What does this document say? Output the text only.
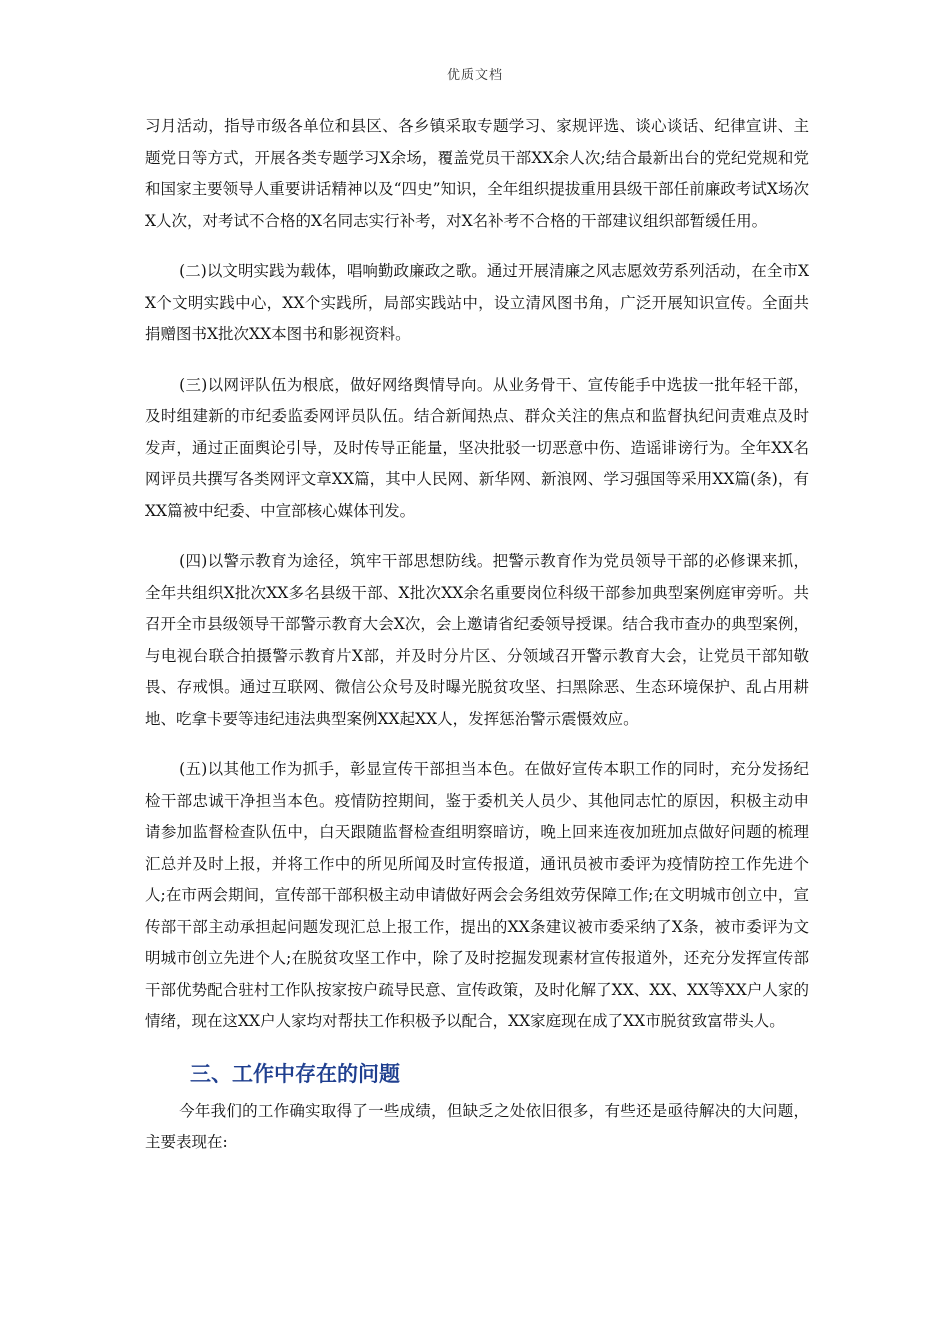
优质文档

习月活动，指导市级各单位和县区、各乡镇采取专题学习、家规评选、谈心谈话、纪律宣讲、主题党日等方式，开展各类专题学习X余场，覆盖党员干部XX余人次;结合最新出台的党纪党规和党和国家主要领导人重要讲话精神以及“四史”知识，全年组织提拔重用县级干部任前廉政考试X场次X人次，对考试不合格的X名同志实行补考，对X名补考不合格的干部建议组织部暂缓任用。

(二)以文明实践为载体，唱响勤政廉政之歌。通过开展清廉之风志愿效劳系列活动，在全市XX个文明实践中心，XX个实践所，局部实践站中，设立清风图书角，广泛开展知识宣传。全面共捐赠图书X批次XX本图书和影视资料。

(三)以网评队伍为根底，做好网络舆情导向。从业务骨干、宣传能手中选拔一批年轻干部，及时组建新的市纪委监委网评员队伍。结合新闻热点、群众关注的焦点和监督执纪问责难点及时发声，通过正面舆论引导，及时传导正能量，坚决批驳一切恶意中伤、造谣诽谤行为。全年XX名网评员共撰写各类网评文章XX篇，其中人民网、新华网、新浪网、学习强国等采用XX篇(条)，有XX篇被中纪委、中宣部核心媒体刊发。

(四)以警示教育为途径，筑牢干部思想防线。把警示教育作为党员领导干部的必修课来抓，全年共组织X批次XX多名县级干部、X批次XX余名重要岗位科级干部参加典型案例庭审旁听。共召开全市县级领导干部警示教育大会X次，会上邀请省纪委领导授课。结合我市查办的典型案例，与电视台联合拍摄警示教育片X部，并及时分片区、分领域召开警示教育大会，让党员干部知敬畏、存戒惧。通过互联网、微信公众号及时曝光脱贫攻坚、扫黑除恶、生态环境保护、乱占用耕地、吃拿卡要等违纪违法典型案例XX起XX人，发挥惩治警示震慑效应。

(五)以其他工作为抓手，彰显宣传干部担当本色。在做好宣传本职工作的同时，充分发扬纪检干部忠诚干净担当本色。疫情防控期间，鉴于委机关人员少、其他同志忙的原因，积极主动申请参加监督检查队伍中，白天跟随监督检查组明察暗访，晚上回来连夜加班加点做好问题的梳理汇总并及时上报，并将工作中的所见所闻及时宣传报道，通讯员被市委评为疫情防控工作先进个人;在市两会期间，宣传部干部积极主动申请做好两会会务组效劳保障工作;在文明城市创立中，宣传部干部主动承担起问题发现汇总上报工作，提出的XX条建议被市委采纳了X条，被市委评为文明城市创立先进个人;在脱贫攻坚工作中，除了及时挖掘发现素材宣传报道外，还充分发挥宣传部干部优势配合驻村工作队按家按户疏导民意、宣传政策，及时化解了XX、XX、XX等XX户人家的情绪，现在这XX户人家均对帮扶工作积极予以配合，XX家庭现在成了XX市脱贫致富带头人。

三、工作中存在的问题

今年我们的工作确实取得了一些成绩，但缺乏之处依旧很多，有些还是亟待解决的大问题，主要表现在:
